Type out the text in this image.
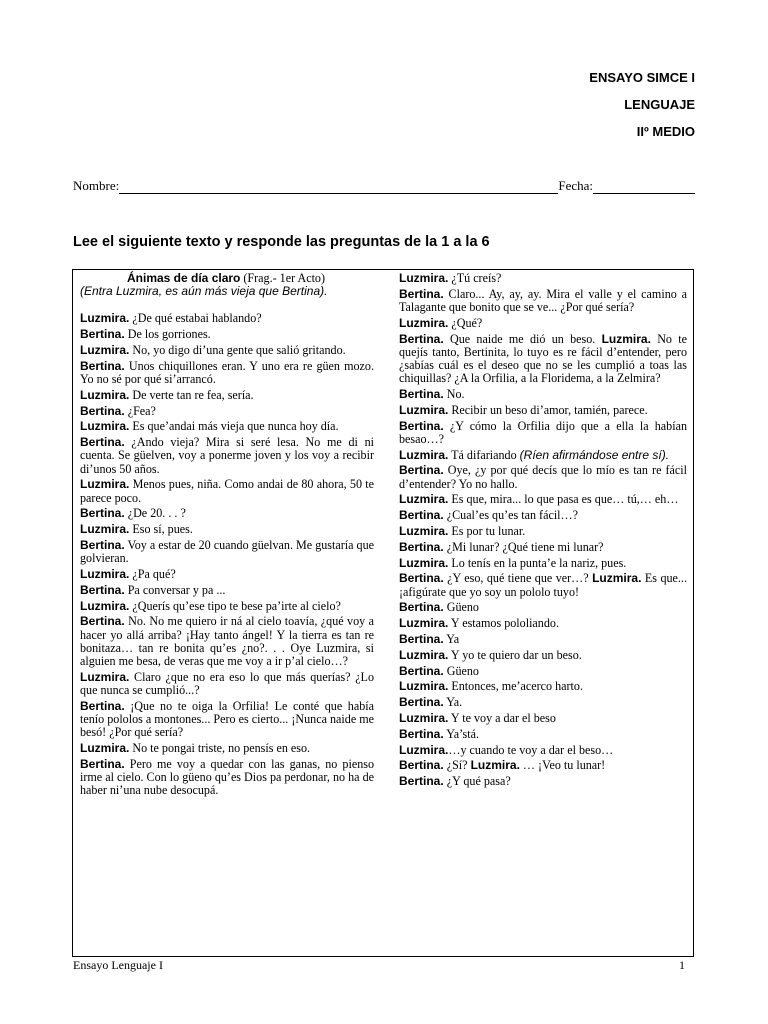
ENSAYO SIMCE I
LENGUAJE
IIº MEDIO
Nombre:	Fecha:
Lee el siguiente texto y responde las preguntas de la 1 a la 6

Ánimas de día claro (Frag.- 1er Acto)

(Entra Luzmira, es aún más vieja que Bertina).

Luzmira. ¿De qué estabai hablando?

Bertina. De los gorriones.

Luzmira. No, yo digo di’una gente que salió gritando.

Bertina. Unos chiquillones eran. Y uno era re güen mozo. Yo no sé por qué si’arrancó.

Luzmira. De verte tan re fea, sería.

Bertina. ¿Fea?

Luzmira. Es que’andai más vieja que nunca hoy día.

Bertina. ¿Ando vieja? Mira si seré lesa. No me di ni cuenta. Se güelven, voy a ponerme joven y los voy a recibir di’unos 50 años.

Luzmira. Menos pues, niña. Como andai de 80 ahora, 50 te parece poco.

Bertina. ¿De 20. . . ?

Luzmira. Eso sí, pues.

Bertina. Voy a estar de 20 cuando güelvan. Me gustaría que golvieran.

Luzmira. ¿Pa qué?

Bertina. Pa conversar y pa ...

Luzmira. ¿Querís qu’ese tipo te bese pa’irte al cielo?

Bertina. No. No me quiero ir ná al cielo toavía, ¿qué voy a hacer yo allá arriba? ¡Hay tanto ángel! Y la tierra es tan re bonitaza… tan re bonita qu’es ¿no?. . . Oye Luzmira, si alguien me besa, de veras que me voy a ir p’al cielo…?

Luzmira. Claro ¿que no era eso lo que más querías? ¿Lo que nunca se cumplió...?

Bertina. ¡Que no te oiga la Orfilia! Le conté que había tenío pololos a montones... Pero es cierto... ¡Nunca naide me besó! ¿Por qué sería?

Luzmira. No te pongai triste, no pensís en eso.

Bertina. Pero me voy a quedar con las ganas, no pienso irme al cielo. Con lo güeno qu’es Dios pa perdonar, no ha de haber ni’una nube desocupá.

Luzmira. ¿Tú creís?

Bertina. Claro... Ay, ay, ay. Mira el valle y el camino a Talagante que bonito que se ve... ¿Por qué sería?

Luzmira. ¿Qué?

Bertina. Que naide me dió un beso. Luzmira. No te quejís tanto, Bertinita, lo tuyo es re fácil d’entender, pero ¿sabías cuál es el deseo que no se les cumplió a toas las chiquillas? ¿A la Orfilia, a la Floridema, a la Zelmira?

Bertina. No.

Luzmira. Recibir un beso di’amor, tamién, parece.

Bertina. ¿Y cómo la Orfilia dijo que a ella la habían besao…?

Luzmira. Tá difariando (Ríen afirmándose entre sí).

Bertina. Oye, ¿y por qué decís que lo mío es tan re fácil d’entender? Yo no hallo.

Luzmira. Es que, mira... lo que pasa es que… tú,… eh…

Bertina. ¿Cual’es qu’es tan fácil…?

Luzmira. Es por tu lunar.

Bertina. ¿Mi lunar? ¿Qué tiene mi lunar?

Luzmira. Lo tenís en la punta’e la nariz, pues.

Bertina. ¿Y eso, qué tiene que ver…? Luzmira. Es que... ¡afigúrate que yo soy un pololo tuyo!

Bertina. Güeno

Luzmira. Y estamos pololiando.

Bertina. Ya

Luzmira. Y yo te quiero dar un beso.

Bertina. Güeno

Luzmira. Entonces, me’acerco harto.

Bertina. Ya.

Luzmira. Y te voy a dar el beso

Bertina. Ya’stá.

Luzmira.…y cuando te voy a dar el beso…

Bertina. ¿Sí? Luzmira. … ¡Veo tu lunar!

Bertina. ¿Y qué pasa?

Ensayo Lenguaje I	1
